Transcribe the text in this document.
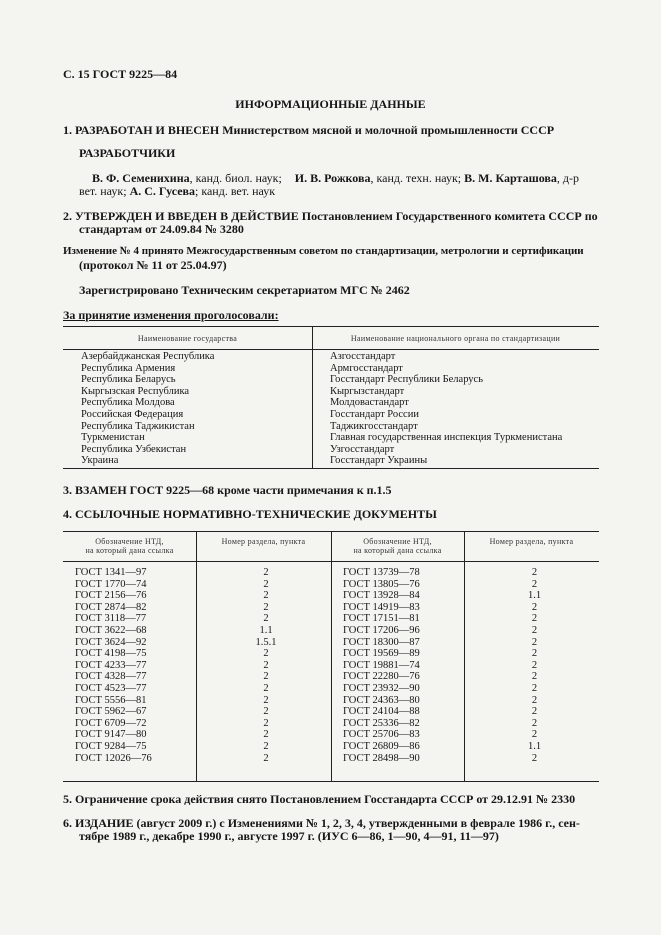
С. 15 ГОСТ 9225—84
ИНФОРМАЦИОННЫЕ ДАННЫЕ
1. РАЗРАБОТАН И ВНЕСЕН Министерством мясной и молочной промышленности СССР
РАЗРАБОТЧИКИ
В. Ф. Семенихина, канд. биол. наук; И. В. Рожкова, канд. техн. наук; В. М. Карташова, д-р
вет. наук; А. С. Гусева; канд. вет. наук
2. УТВЕРЖДЕН И ВВЕДЕН В ДЕЙСТВИЕ Постановлением Государственного комитета СССР по
стандартам от 24.09.84 № 3280
Изменение № 4 принято Межгосударственным советом по стандартизации, метрологии и сертификации
(протокол № 11 от 25.04.97)
Зарегистрировано Техническим секретариатом МГС № 2462
За принятие изменения проголосовали:
Наименование государства	Наименование национального органа по стандартизации
Азербайджанская Республика
Республика Армения
Республика Беларусь
Кыргызская Республика
Республика Молдова
Российская Федерация
Республика Таджикистан
Туркменистан
Республика Узбекистан
Украина
Азгосстандарт
Армгосстандарт
Госстандарт Республики Беларусь
Кыргызстандарт
Молдовастандарт
Госстандарт России
Таджикгосстандарт
Главная государственная инспекция Туркменистана
Узгосстандарт
Госстандарт Украины
3. ВЗАМЕН ГОСТ 9225—68 кроме части примечания к п.1.5
4. ССЫЛОЧНЫЕ НОРМАТИВНО-ТЕХНИЧЕСКИЕ ДОКУМЕНТЫ
Обозначение НТД,
на который дана ссылка
Номер раздела, пункта	Обозначение НТД,
на который дана ссылка
Номер раздела, пункта
ГОСТ 1341—97
ГОСТ 1770—74
ГОСТ 2156—76
ГОСТ 2874—82
ГОСТ 3118—77
ГОСТ 3622—68
ГОСТ 3624—92
ГОСТ 4198—75
ГОСТ 4233—77
ГОСТ 4328—77
ГОСТ 4523—77
ГОСТ 5556—81
ГОСТ 5962—67
ГОСТ 6709—72
ГОСТ 9147—80
ГОСТ 9284—75
ГОСТ 12026—76
2
2
2
2
2
1.1
1.5.1
2
2
2
2
2
2
2
2
2
2
ГОСТ 13739—78
ГОСТ 13805—76
ГОСТ 13928—84
ГОСТ 14919—83
ГОСТ 17151—81
ГОСТ 17206—96
ГОСТ 18300—87
ГОСТ 19569—89
ГОСТ 19881—74
ГОСТ 22280—76
ГОСТ 23932—90
ГОСТ 24363—80
ГОСТ 24104—88
ГОСТ 25336—82
ГОСТ 25706—83
ГОСТ 26809—86
ГОСТ 28498—90
2
2
1.1
2
2
2
2
2
2
2
2
2
2
2
2
1.1
2
5. Ограничение срока действия снято Постановлением Госстандарта СССР от 29.12.91 № 2330
6. ИЗДАНИЕ (август 2009 г.) с Изменениями № 1, 2, 3, 4, утвержденными в феврале 1986 г., сен-
тябре 1989 г., декабре 1990 г., августе 1997 г. (ИУС 6—86, 1—90, 4—91, 11—97)
